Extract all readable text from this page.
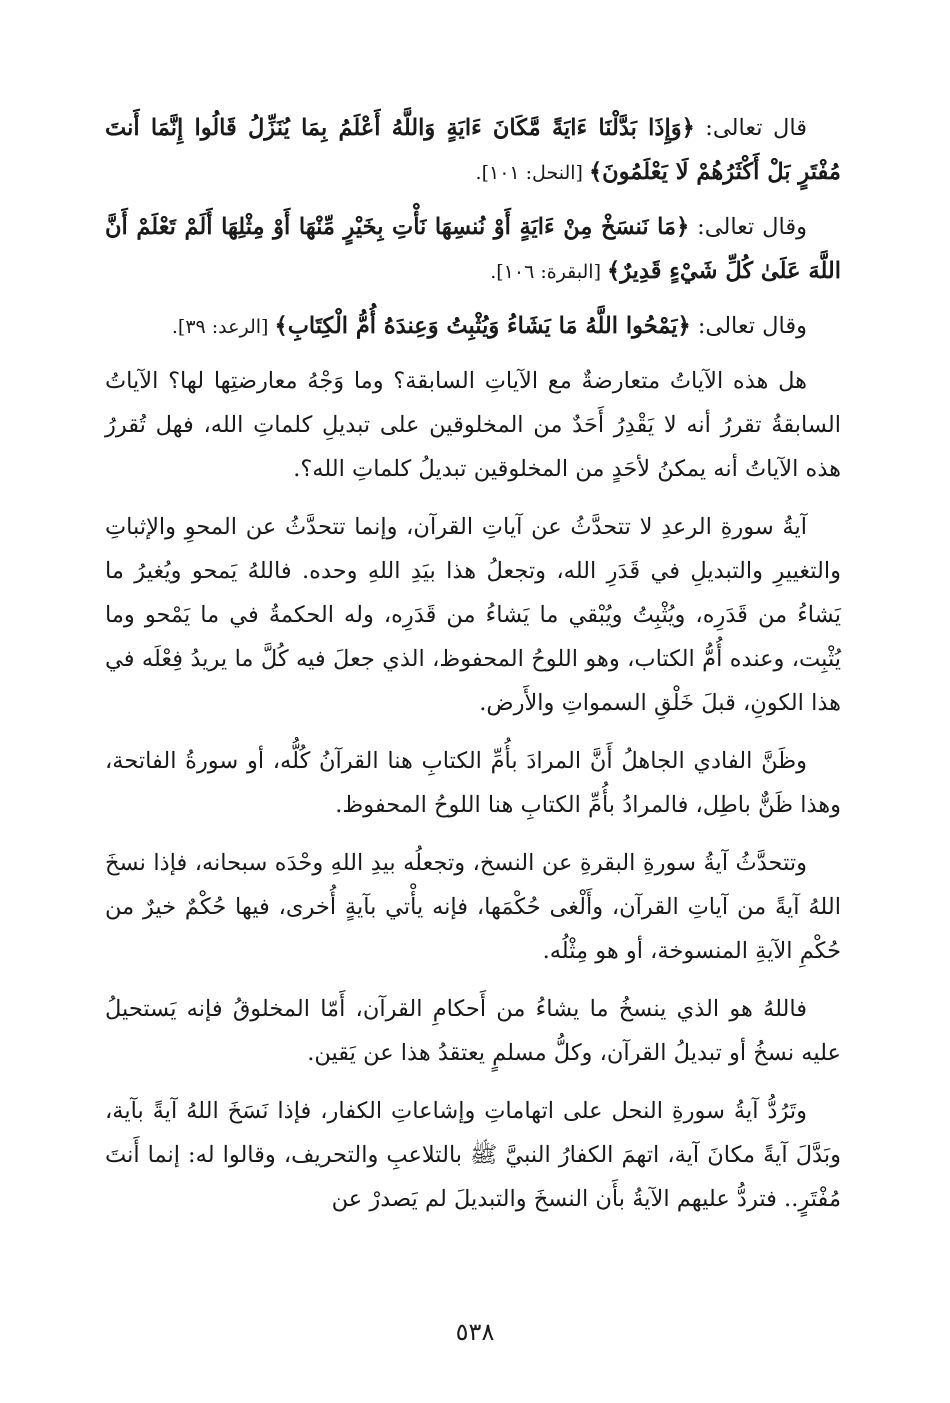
قال تعالى: ﴿وَإِذَا بَدَّلْنَا ءَايَةً مَّكَانَ ءَايَةٍ وَاللَّهُ أَعْلَمُ بِمَا يُنَزِّلُ قَالُوا إِنَّمَا أَنتَ مُفْتَرٍ بَلْ أَكْثَرُهُمْ لَا يَعْلَمُونَ﴾ [النحل: ١٠١].

وقال تعالى: ﴿مَا نَنسَخْ مِنْ ءَايَةٍ أَوْ نُنسِهَا نَأْتِ بِخَيْرٍ مِّنْهَا أَوْ مِثْلِهَا أَلَمْ تَعْلَمْ أَنَّ اللَّهَ عَلَىٰ كُلِّ شَيْءٍ قَدِيرٌ﴾ [البقرة: ١٠٦].

وقال تعالى: ﴿يَمْحُوا اللَّهُ مَا يَشَاءُ وَيُثْبِتُ وَعِندَهُ أُمُّ الْكِتَابِ﴾ [الرعد: ٣٩].

هل هذه الآياتُ متعارضةٌ مع الآياتِ السابقة؟ وما وَجْهُ معارضتِها لها؟ الآياتُ السابقةُ تقررُ أنه لا يَقْدِرُ أَحَدٌ من المخلوقين على تبديلِ كلماتِ الله، فهل تُقررُ هذه الآياتُ أنه يمكنُ لأحَدٍ من المخلوقين تبديلُ كلماتِ الله؟.

آيةُ سورةِ الرعدِ لا تتحدَّثُ عن آياتِ القرآن، وإنما تتحدَّثُ عن المحوِ والإثباتِ والتغييرِ والتبديلِ في قَدَرِ الله، وتجعلُ هذا بيَدِ اللهِ وحده. فاللهُ يَمحو ويُغيرُ ما يَشاءُ من قَدَرِه، ويُثْبِتُ ويُبْقي ما يَشاءُ من قَدَرِه، وله الحكمةُ في ما يَمْحو وما يُثْبِت، وعنده أُمُّ الكتاب، وهو اللوحُ المحفوظ، الذي جعلَ فيه كُلَّ ما يريدُ فِعْلَه في هذا الكونِ، قبلَ خَلْقِ السمواتِ والأَرض.

وظَنَّ الفادي الجاهلُ أَنَّ المرادَ بأُمِّ الكتابِ هنا القرآنُ كُلُّه، أو سورةُ الفاتحة، وهذا ظَنٌّ باطِل، فالمرادُ بأُمِّ الكتابِ هنا اللوحُ المحفوظ.

وتتحدَّثُ آيةُ سورةِ البقرةِ عن النسخ، وتجعلُه بيدِ اللهِ وحْدَه سبحانه، فإذا نسخَ اللهُ آيةً من آياتِ القرآن، وأَلْغى حُكْمَها، فإنه يأْتي بآيةٍ أُخرى، فيها حُكْمٌ خيرٌ من حُكْمِ الآيةِ المنسوخة، أو هو مِثْلُه.

فاللهُ هو الذي ينسخُ ما يشاءُ من أَحكامِ القرآن، أَمّا المخلوقُ فإنه يَستحيلُ عليه نسخُ أو تبديلُ القرآن، وكلُّ مسلمٍ يعتقدُ هذا عن يَقين.

وتَرُدُّ آيةُ سورةِ النحل على اتهاماتِ وإشاعاتِ الكفار، فإذا نَسَخَ اللهُ آيةً بآية، وبَدَّلَ آيةً مكانَ آية، اتهمَ الكفارُ النبيَّ ﷺ بالتلاعبِ والتحريف، وقالوا له: إنما أَنتَ مُفْتَرٍ.. فتردُّ عليهم الآيةُ بأَن النسخَ والتبديلَ لم يَصدرْ عن

٥٣٨
